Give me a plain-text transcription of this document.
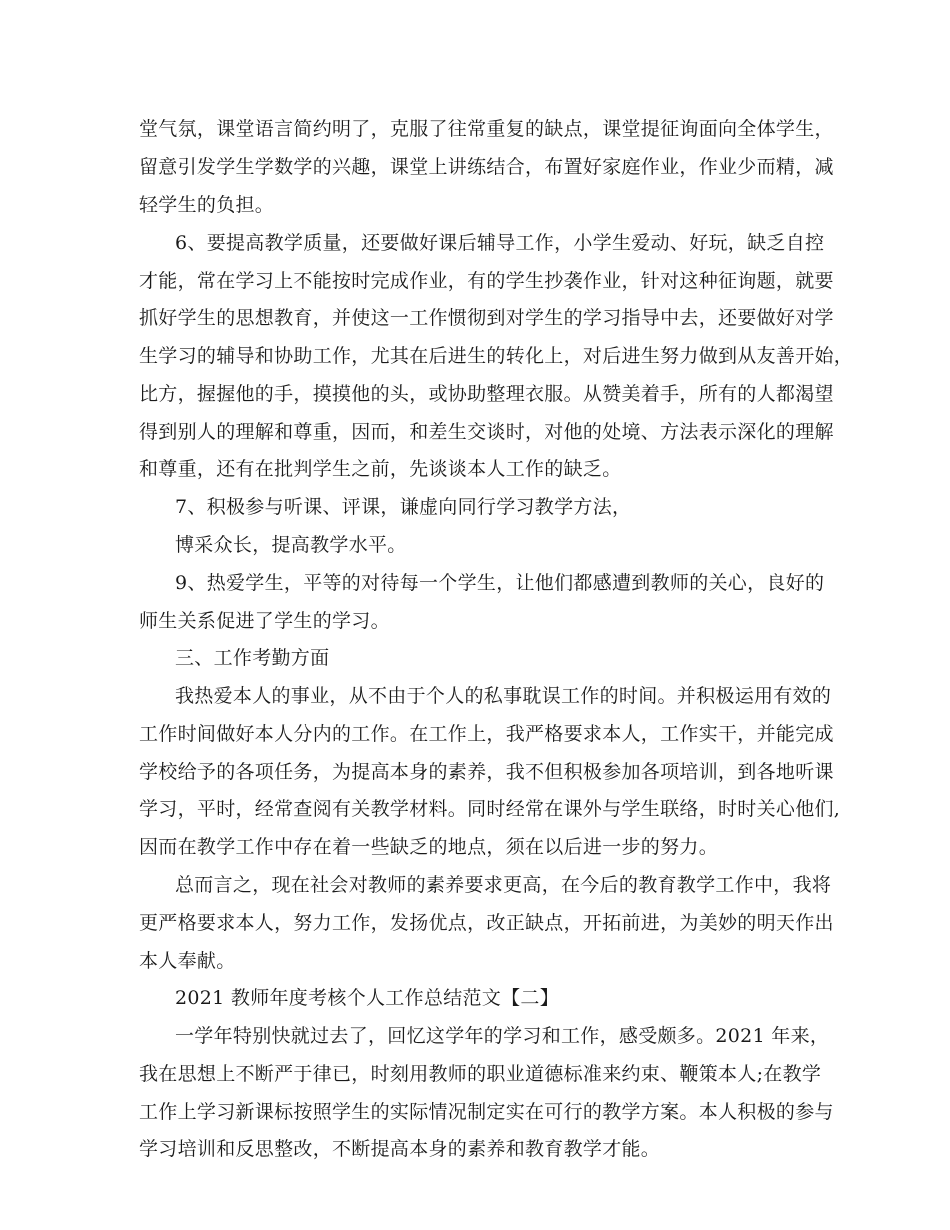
堂气氛，课堂语言简约明了，克服了往常重复的缺点，课堂提征询面向全体学生，
留意引发学生学数学的兴趣，课堂上讲练结合，布置好家庭作业，作业少而精，减
轻学生的负担。
6、要提高教学质量，还要做好课后辅导工作，小学生爱动、好玩，缺乏自控
才能，常在学习上不能按时完成作业，有的学生抄袭作业，针对这种征询题，就要
抓好学生的思想教育，并使这一工作惯彻到对学生的学习指导中去，还要做好对学
生学习的辅导和协助工作，尤其在后进生的转化上，对后进生努力做到从友善开始，
比方，握握他的手，摸摸他的头，或协助整理衣服。从赞美着手，所有的人都渴望
得到别人的理解和尊重，因而，和差生交谈时，对他的处境、方法表示深化的理解
和尊重，还有在批判学生之前，先谈谈本人工作的缺乏。
7、积极参与听课、评课，谦虚向同行学习教学方法，
博采众长，提高教学水平。
9、热爱学生，平等的对待每一个学生，让他们都感遭到教师的关心，良好的
师生关系促进了学生的学习。
三、工作考勤方面
我热爱本人的事业，从不由于个人的私事耽误工作的时间。并积极运用有效的
工作时间做好本人分内的工作。在工作上，我严格要求本人，工作实干，并能完成
学校给予的各项任务，为提高本身的素养，我不但积极参加各项培训，到各地听课
学习，平时，经常查阅有关教学材料。同时经常在课外与学生联络，时时关心他们,
因而在教学工作中存在着一些缺乏的地点，须在以后进一步的努力。
总而言之，现在社会对教师的素养要求更高，在今后的教育教学工作中，我将
更严格要求本人，努力工作，发扬优点，改正缺点，开拓前进，为美妙的明天作出
本人奉献。
2021 教师年度考核个人工作总结范文【二】
一学年特别快就过去了，回忆这学年的学习和工作，感受颇多。2021 年来，
我在思想上不断严于律已，时刻用教师的职业道德标准来约束、鞭策本人;在教学
工作上学习新课标按照学生的实际情况制定实在可行的教学方案。本人积极的参与
学习培训和反思整改，不断提高本身的素养和教育教学才能。
